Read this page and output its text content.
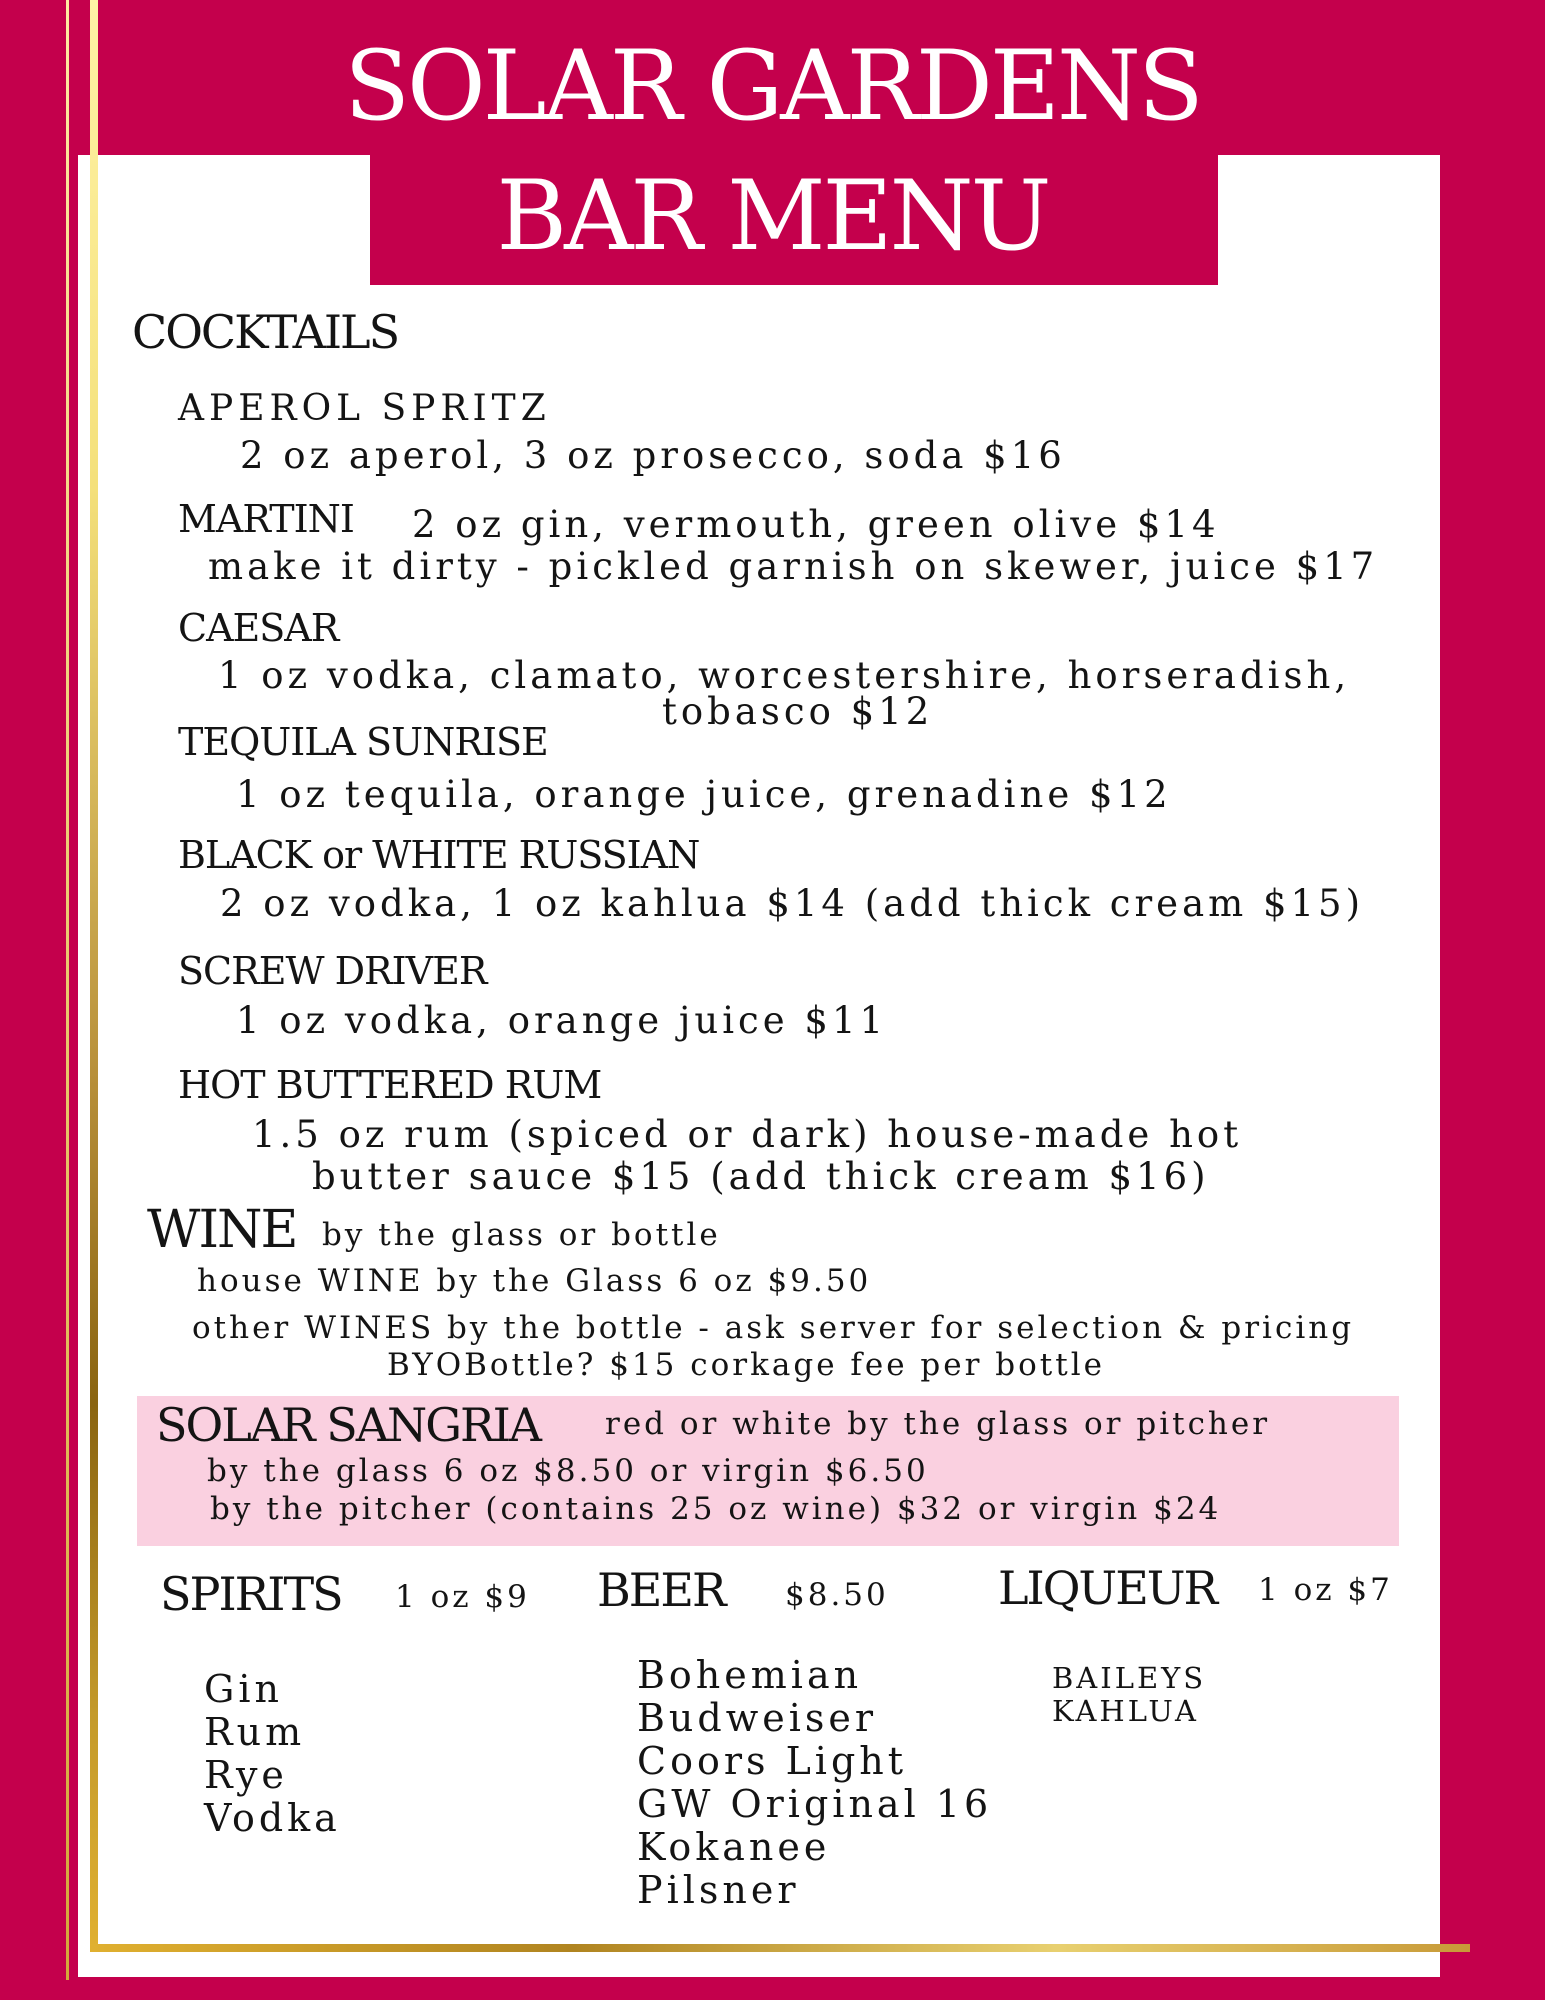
SOLAR GARDENS
BAR MENU
COCKTAILS
APEROL SPRITZ
2 oz aperol, 3 oz prosecco, soda $16
MARTINI 2 oz gin, vermouth, green olive $14
make it dirty - pickled garnish on skewer, juice $17
CAESAR
1 oz vodka, clamato, worcestershire, horseradish,
tobasco $12
TEQUILA SUNRISE
1 oz tequila, orange juice, grenadine $12
BLACK or WHITE RUSSIAN
2 oz vodka, 1 oz kahlua $14 (add thick cream $15)
SCREW DRIVER
1 oz vodka, orange juice $11
HOT BUTTERED RUM
1.5 oz rum (spiced or dark) house-made hot
butter sauce $15 (add thick cream $16)
WINE by the glass or bottle
house WINE by the Glass 6 oz $9.50
other WINES by the bottle - ask server for selection & pricing
BYOBottle? $15 corkage fee per bottle
SOLAR SANGRIA red or white by the glass or pitcher
by the glass 6 oz $8.50 or virgin $6.50
by the pitcher (contains 25 oz wine) $32 or virgin $24
SPIRITS 1 oz $9
Gin
Rum
Rye
Vodka
BEER $8.50
Bohemian
Budweiser
Coors Light
GW Original 16
Kokanee
Pilsner
LIQUEUR 1 oz $7
BAILEYS
KAHLUA
